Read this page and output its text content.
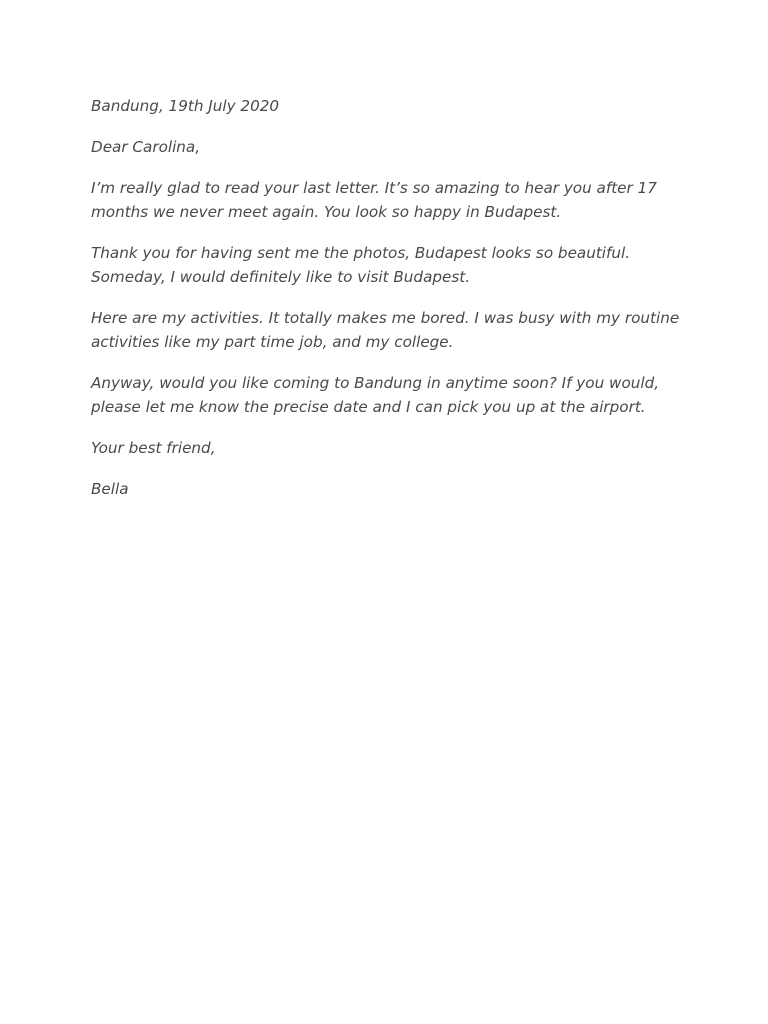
Bandung, 19th July 2020

Dear Carolina,

I’m really glad to read your last letter. It’s so amazing to hear you after 17 months we never meet again. You look so happy in Budapest.

Thank you for having sent me the photos, Budapest looks so beautiful. Someday, I would definitely like to visit Budapest.

Here are my activities. It totally makes me bored. I was busy with my routine activities like my part time job, and my college.

Anyway, would you like coming to Bandung in anytime soon? If you would, please let me know the precise date and I can pick you up at the airport.

Your best friend,

Bella
